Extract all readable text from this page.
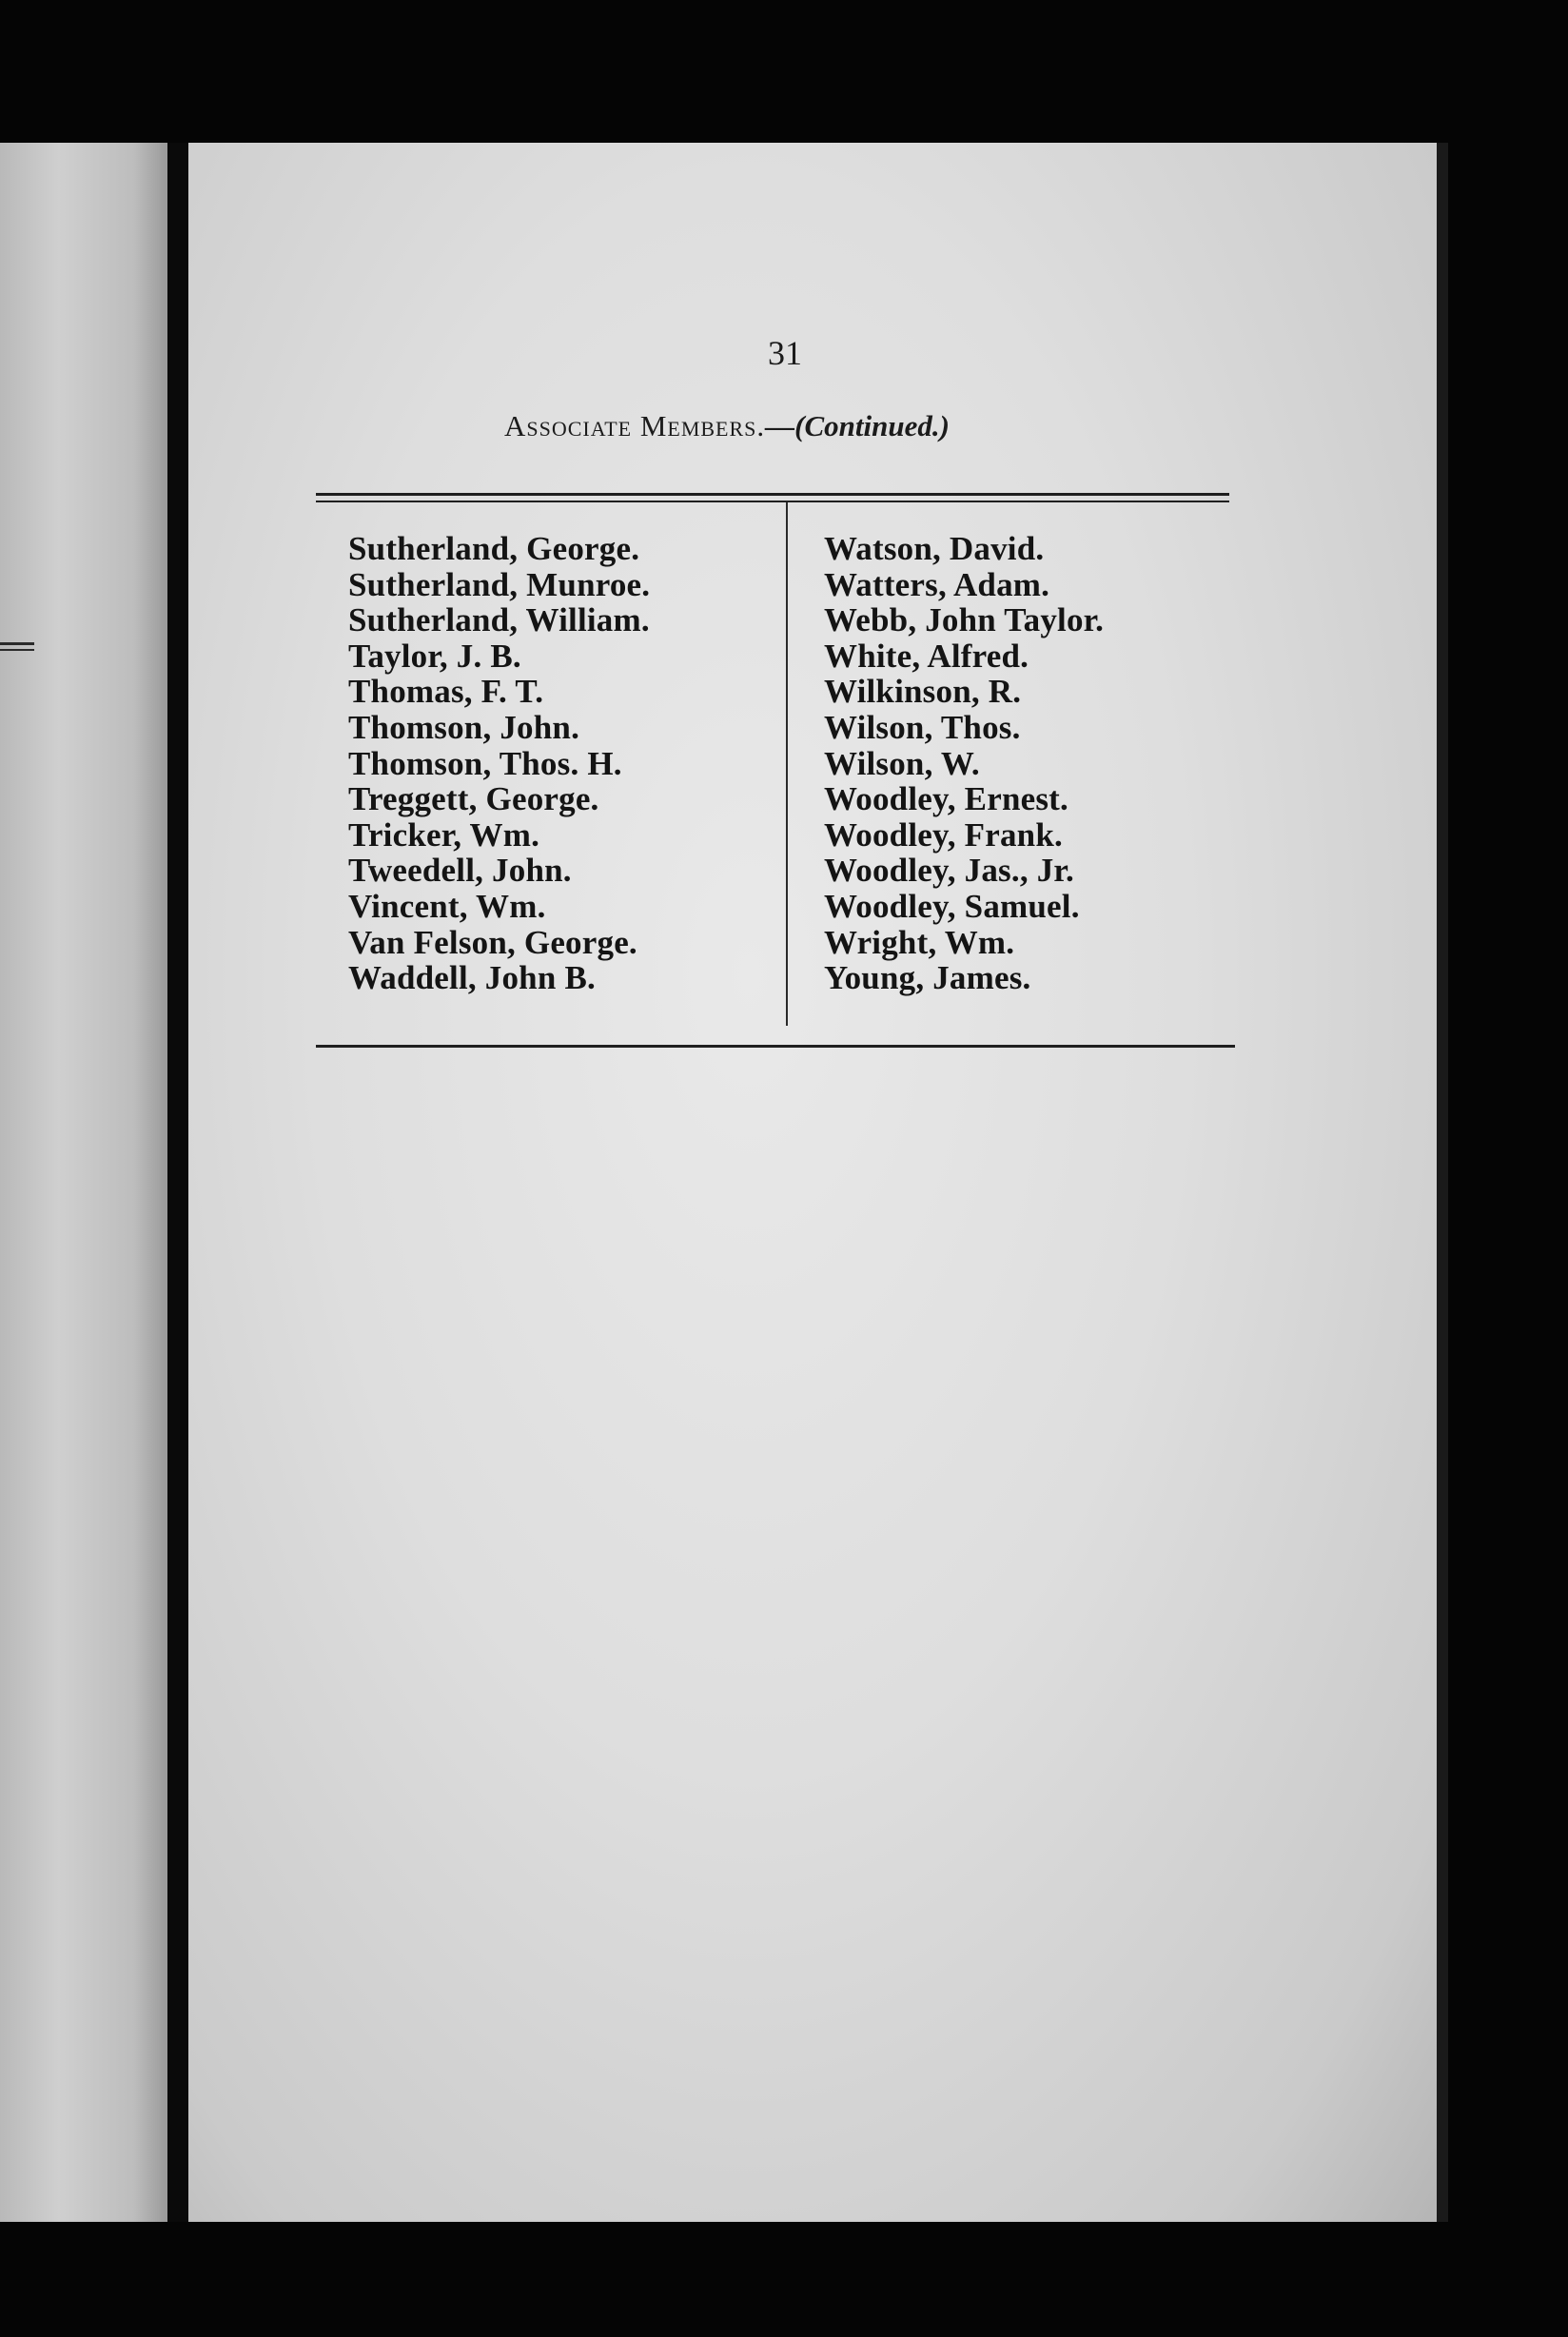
31
Associate Members.—(Continued.)
Sutherland, George.
Sutherland, Munroe.
Sutherland, William.
Taylor, J. B.
Thomas, F. T.
Thomson, John.
Thomson, Thos. H.
Treggett, George.
Tricker, Wm.
Tweedell, John.
Vincent, Wm.
Van Felson, George.
Waddell, John B.
Watson, David.
Watters, Adam.
Webb, John Taylor.
White, Alfred.
Wilkinson, R.
Wilson, Thos.
Wilson, W.
Woodley, Ernest.
Woodley, Frank.
Woodley, Jas., Jr.
Woodley, Samuel.
Wright, Wm.
Young, James.
